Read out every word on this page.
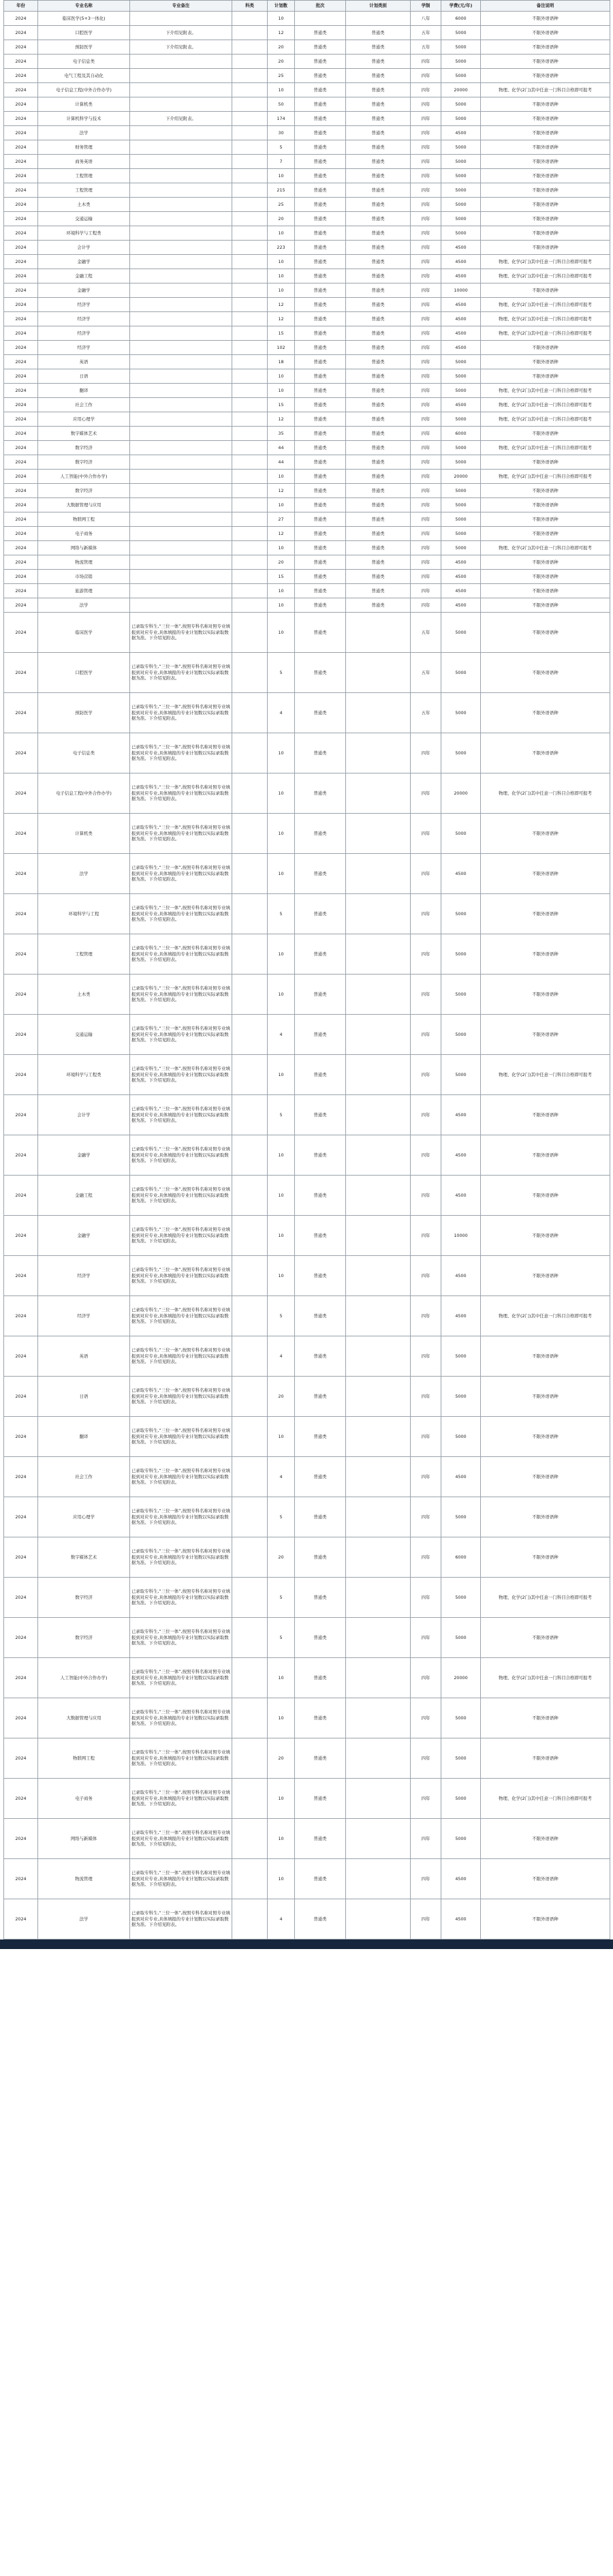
年份	专业名称	专业备注	科类	计划数	批次	计划类别	学制	学费(元/年)	备注说明
2024	临床医学(5+3一体化)			10			八年	6000	不限外语语种
2024	口腔医学	下介绍见附表。		12	普通类	普通类	五年	5000	不限外语语种
2024	预防医学	下介绍见附表。		20	普通类	普通类	五年	5000	不限外语语种
2024	电子信息类			20	普通类	普通类	四年	5000	不限外语语种
2024	电气工程及其自动化			25	普通类	普通类	四年	5000	不限外语语种
2024	电子信息工程(中外合作办学)			10	普通类	普通类	四年	20000	物理、化学(2门)其中任意一门科目合格即可报考
2024	计算机类			50	普通类	普通类	四年	5000	不限外语语种
2024	计算机科学与技术	下介绍见附表。		174	普通类	普通类	四年	5000	不限外语语种
2024	法学			30	普通类	普通类	四年	4500	不限外语语种
2024	财务管理			5	普通类	普通类	四年	5000	不限外语语种
2024	商务英语			7	普通类	普通类	四年	5000	不限外语语种
2024	工程管理			10	普通类	普通类	四年	5000	不限外语语种
2024	工程管理			215	普通类	普通类	四年	5000	不限外语语种
2024	土木类			25	普通类	普通类	四年	5000	不限外语语种
2024	交通运输			20	普通类	普通类	四年	5000	不限外语语种
2024	环境科学与工程类			10	普通类	普通类	四年	5000	不限外语语种
2024	会计学			223	普通类	普通类	四年	4500	不限外语语种
2024	金融学			10	普通类	普通类	四年	4500	物理、化学(2门)其中任意一门科目合格即可报考
2024	金融工程			10	普通类	普通类	四年	4500	物理、化学(2门)其中任意一门科目合格即可报考
2024	金融学			10	普通类	普通类	四年	10000	不限外语语种
2024	经济学			12	普通类	普通类	四年	4500	物理、化学(2门)其中任意一门科目合格即可报考
2024	经济学			12	普通类	普通类	四年	4500	物理、化学(2门)其中任意一门科目合格即可报考
2024	经济学			15	普通类	普通类	四年	4500	物理、化学(2门)其中任意一门科目合格即可报考
2024	经济学			102	普通类	普通类	四年	4500	不限外语语种
2024	英语			18	普通类	普通类	四年	5000	不限外语语种
2024	日语			10	普通类	普通类	四年	5000	不限外语语种
2024	翻译			10	普通类	普通类	四年	5000	物理、化学(2门)其中任意一门科目合格即可报考
2024	社会工作			15	普通类	普通类	四年	4500	物理、化学(2门)其中任意一门科目合格即可报考
2024	应用心理学			12	普通类	普通类	四年	5000	物理、化学(2门)其中任意一门科目合格即可报考
2024	数字媒体艺术			35	普通类	普通类	四年	6000	不限外语语种
2024	数字经济			44	普通类	普通类	四年	5000	物理、化学(2门)其中任意一门科目合格即可报考
2024	数字经济			44	普通类	普通类	四年	5000	不限外语语种
2024	人工智能(中外合作办学)			10	普通类	普通类	四年	20000	物理、化学(2门)其中任意一门科目合格即可报考
2024	数字经济			12	普通类	普通类	四年	5000	不限外语语种
2024	大数据管理与应用			10	普通类	普通类	四年	5000	不限外语语种
2024	物联网工程			27	普通类	普通类	四年	5000	不限外语语种
2024	电子商务			12	普通类	普通类	四年	5000	不限外语语种
2024	网络与新媒体			10	普通类	普通类	四年	5000	物理、化学(2门)其中任意一门科目合格即可报考
2024	物流管理			20	普通类	普通类	四年	4500	不限外语语种
2024	市场营销			15	普通类	普通类	四年	4500	不限外语语种
2024	旅游管理			10	普通类	普通类	四年	4500	不限外语语种
2024	法学			10	普通类	普通类	四年	4500	不限外语语种
2024	临床医学	已录取专科生,“三位一体”,按照专科名称对照专业填报到对应专业,具体填报的专业计划数以实际录取数据为准。下介绍见附表。		10	普通类		五年	5000	不限外语语种
2024	口腔医学	已录取专科生,“三位一体”,按照专科名称对照专业填报到对应专业,具体填报的专业计划数以实际录取数据为准。下介绍见附表。		5	普通类		五年	5000	不限外语语种
2024	预防医学	已录取专科生,“三位一体”,按照专科名称对照专业填报到对应专业,具体填报的专业计划数以实际录取数据为准。下介绍见附表。		4	普通类		五年	5000	不限外语语种
2024	电子信息类	已录取专科生,“三位一体”,按照专科名称对照专业填报到对应专业,具体填报的专业计划数以实际录取数据为准。下介绍见附表。		10	普通类		四年	5000	不限外语语种
2024	电子信息工程(中外合作办学)	已录取专科生,“三位一体”,按照专科名称对照专业填报到对应专业,具体填报的专业计划数以实际录取数据为准。下介绍见附表。		10	普通类		四年	20000	物理、化学(2门)其中任意一门科目合格即可报考
2024	计算机类	已录取专科生,“三位一体”,按照专科名称对照专业填报到对应专业,具体填报的专业计划数以实际录取数据为准。下介绍见附表。		10	普通类		四年	5000	不限外语语种
2024	法学	已录取专科生,“三位一体”,按照专科名称对照专业填报到对应专业,具体填报的专业计划数以实际录取数据为准。下介绍见附表。		10	普通类		四年	4500	不限外语语种
2024	环境科学与工程	已录取专科生,“三位一体”,按照专科名称对照专业填报到对应专业,具体填报的专业计划数以实际录取数据为准。下介绍见附表。		5	普通类		四年	5000	不限外语语种
2024	工程管理	已录取专科生,“三位一体”,按照专科名称对照专业填报到对应专业,具体填报的专业计划数以实际录取数据为准。下介绍见附表。		10	普通类		四年	5000	不限外语语种
2024	土木类	已录取专科生,“三位一体”,按照专科名称对照专业填报到对应专业,具体填报的专业计划数以实际录取数据为准。下介绍见附表。		10	普通类		四年	5000	不限外语语种
2024	交通运输	已录取专科生,“三位一体”,按照专科名称对照专业填报到对应专业,具体填报的专业计划数以实际录取数据为准。下介绍见附表。		4	普通类		四年	5000	不限外语语种
2024	环境科学与工程类	已录取专科生,“三位一体”,按照专科名称对照专业填报到对应专业,具体填报的专业计划数以实际录取数据为准。下介绍见附表。		10	普通类		四年	5000	物理、化学(2门)其中任意一门科目合格即可报考
2024	会计学	已录取专科生,“三位一体”,按照专科名称对照专业填报到对应专业,具体填报的专业计划数以实际录取数据为准。下介绍见附表。		5	普通类		四年	4500	不限外语语种
2024	金融学	已录取专科生,“三位一体”,按照专科名称对照专业填报到对应专业,具体填报的专业计划数以实际录取数据为准。下介绍见附表。		10	普通类		四年	4500	不限外语语种
2024	金融工程	已录取专科生,“三位一体”,按照专科名称对照专业填报到对应专业,具体填报的专业计划数以实际录取数据为准。下介绍见附表。		10	普通类		四年	4500	不限外语语种
2024	金融学	已录取专科生,“三位一体”,按照专科名称对照专业填报到对应专业,具体填报的专业计划数以实际录取数据为准。下介绍见附表。		10	普通类		四年	10000	不限外语语种
2024	经济学	已录取专科生,“三位一体”,按照专科名称对照专业填报到对应专业,具体填报的专业计划数以实际录取数据为准。下介绍见附表。		10	普通类		四年	4500	不限外语语种
2024	经济学	已录取专科生,“三位一体”,按照专科名称对照专业填报到对应专业,具体填报的专业计划数以实际录取数据为准。下介绍见附表。		5	普通类		四年	4500	物理、化学(2门)其中任意一门科目合格即可报考
2024	英语	已录取专科生,“三位一体”,按照专科名称对照专业填报到对应专业,具体填报的专业计划数以实际录取数据为准。下介绍见附表。		4	普通类		四年	5000	不限外语语种
2024	日语	已录取专科生,“三位一体”,按照专科名称对照专业填报到对应专业,具体填报的专业计划数以实际录取数据为准。下介绍见附表。		20	普通类		四年	5000	不限外语语种
2024	翻译	已录取专科生,“三位一体”,按照专科名称对照专业填报到对应专业,具体填报的专业计划数以实际录取数据为准。下介绍见附表。		10	普通类		四年	5000	不限外语语种
2024	社会工作	已录取专科生,“三位一体”,按照专科名称对照专业填报到对应专业,具体填报的专业计划数以实际录取数据为准。下介绍见附表。		4	普通类		四年	4500	不限外语语种
2024	应用心理学	已录取专科生,“三位一体”,按照专科名称对照专业填报到对应专业,具体填报的专业计划数以实际录取数据为准。下介绍见附表。		5	普通类		四年	5000	不限外语语种
2024	数字媒体艺术	已录取专科生,“三位一体”,按照专科名称对照专业填报到对应专业,具体填报的专业计划数以实际录取数据为准。下介绍见附表。		20	普通类		四年	6000	不限外语语种
2024	数字经济	已录取专科生,“三位一体”,按照专科名称对照专业填报到对应专业,具体填报的专业计划数以实际录取数据为准。下介绍见附表。		5	普通类		四年	5000	物理、化学(2门)其中任意一门科目合格即可报考
2024	数字经济	已录取专科生,“三位一体”,按照专科名称对照专业填报到对应专业,具体填报的专业计划数以实际录取数据为准。下介绍见附表。		5	普通类		四年	5000	不限外语语种
2024	人工智能(中外合作办学)	已录取专科生,“三位一体”,按照专科名称对照专业填报到对应专业,具体填报的专业计划数以实际录取数据为准。下介绍见附表。		10	普通类		四年	20000	物理、化学(2门)其中任意一门科目合格即可报考
2024	大数据管理与应用	已录取专科生,“三位一体”,按照专科名称对照专业填报到对应专业,具体填报的专业计划数以实际录取数据为准。下介绍见附表。		10	普通类		四年	5000	不限外语语种
2024	物联网工程	已录取专科生,“三位一体”,按照专科名称对照专业填报到对应专业,具体填报的专业计划数以实际录取数据为准。下介绍见附表。		20	普通类		四年	5000	不限外语语种
2024	电子商务	已录取专科生,“三位一体”,按照专科名称对照专业填报到对应专业,具体填报的专业计划数以实际录取数据为准。下介绍见附表。		10	普通类		四年	5000	物理、化学(2门)其中任意一门科目合格即可报考
2024	网络与新媒体	已录取专科生,“三位一体”,按照专科名称对照专业填报到对应专业,具体填报的专业计划数以实际录取数据为准。下介绍见附表。		10	普通类		四年	5000	不限外语语种
2024	物流管理	已录取专科生,“三位一体”,按照专科名称对照专业填报到对应专业,具体填报的专业计划数以实际录取数据为准。下介绍见附表。		10	普通类		四年	4500	不限外语语种
2024	法学	已录取专科生,“三位一体”,按照专科名称对照专业填报到对应专业,具体填报的专业计划数以实际录取数据为准。下介绍见附表。		4	普通类		四年	4500	不限外语语种
